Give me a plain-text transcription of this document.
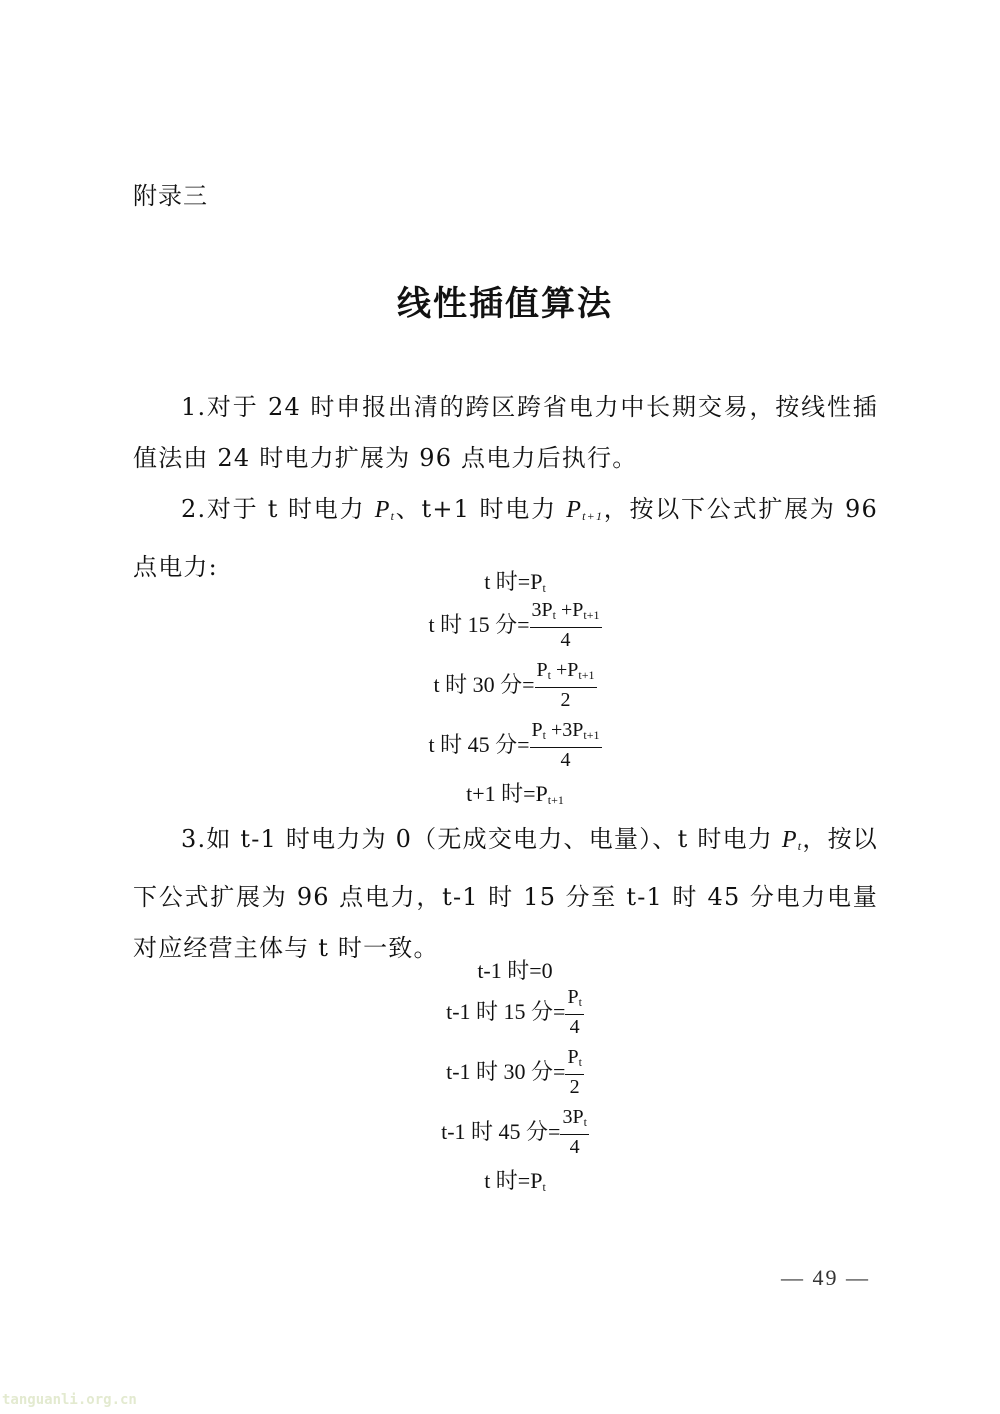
附录三
线性插值算法
1.对于 24 时申报出清的跨区跨省电力中长期交易，按线性插值法由 24 时电力扩展为 96 点电力后执行。
2.对于 t 时电力 $P_t$、t+1 时电力 $P_{t+1}$，按以下公式扩展为 96 点电力:
t 时$=P_t$
t 时 15 分= $\frac{3P_t +P_{t+1}}{4}$
t 时 30 分= $\frac{P_t +P_{t+1}}{2}$
t 时 45 分= $\frac{P_t +3P_{t+1}}{4}$
t+1 时$=P_{t+1}$
3.如 t-1 时电力为 0（无成交电力、电量）、t 时电力 $P_t$，按以下公式扩展为 96 点电力，t-1 时 15 分至 t-1 时 45 分电力电量对应经营主体与 t 时一致。
t-1 时=0
t-1 时 15 分= $\frac{P_t}{4}$
t-1 时 30 分= $\frac{P_t}{2}$
t-1 时 45 分= $\frac{3P_t}{4}$
t 时$=P_t$
— 49 —
tanguanli.org.cn
